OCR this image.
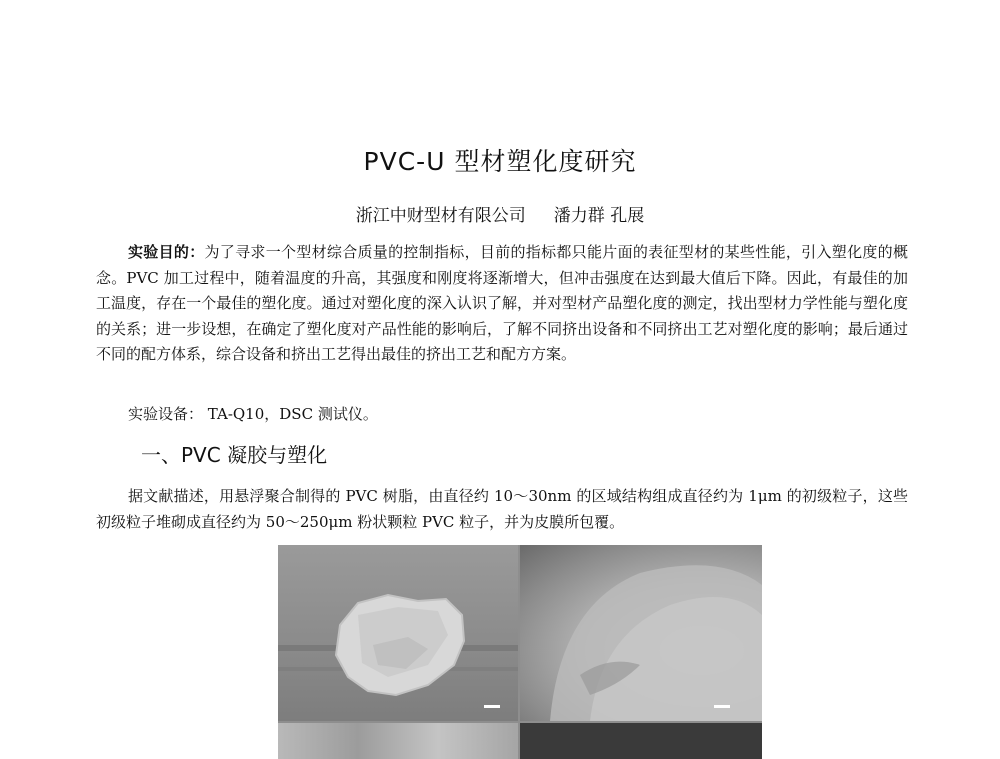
PVC-U 型材塑化度研究
浙江中财型材有限公司 潘力群 孔展
实验目的：为了寻求一个型材综合质量的控制指标，目前的指标都只能片面的表征型材的某些性能，引入塑化度的概念。PVC 加工过程中，随着温度的升高，其强度和刚度将逐渐增大，但冲击强度在达到最大值后下降。因此，有最佳的加工温度，存在一个最佳的塑化度。通过对塑化度的深入认识了解，并对型材产品塑化度的测定，找出型材力学性能与塑化度的关系；进一步设想，在确定了塑化度对产品性能的影响后，了解不同挤出设备和不同挤出工艺对塑化度的影响；最后通过不同的配方体系，综合设备和挤出工艺得出最佳的挤出工艺和配方方案。
实验设备： TA-Q10，DSC 测试仪。
一、PVC 凝胶与塑化
据文献描述，用悬浮聚合制得的 PVC 树脂，由直径约 10～30nm 的区域结构组成直径约为 1μm 的初级粒子，这些初级粒子堆砌成直径约为 50～250μm 粉状颗粒 PVC 粒子，并为皮膜所包覆。
